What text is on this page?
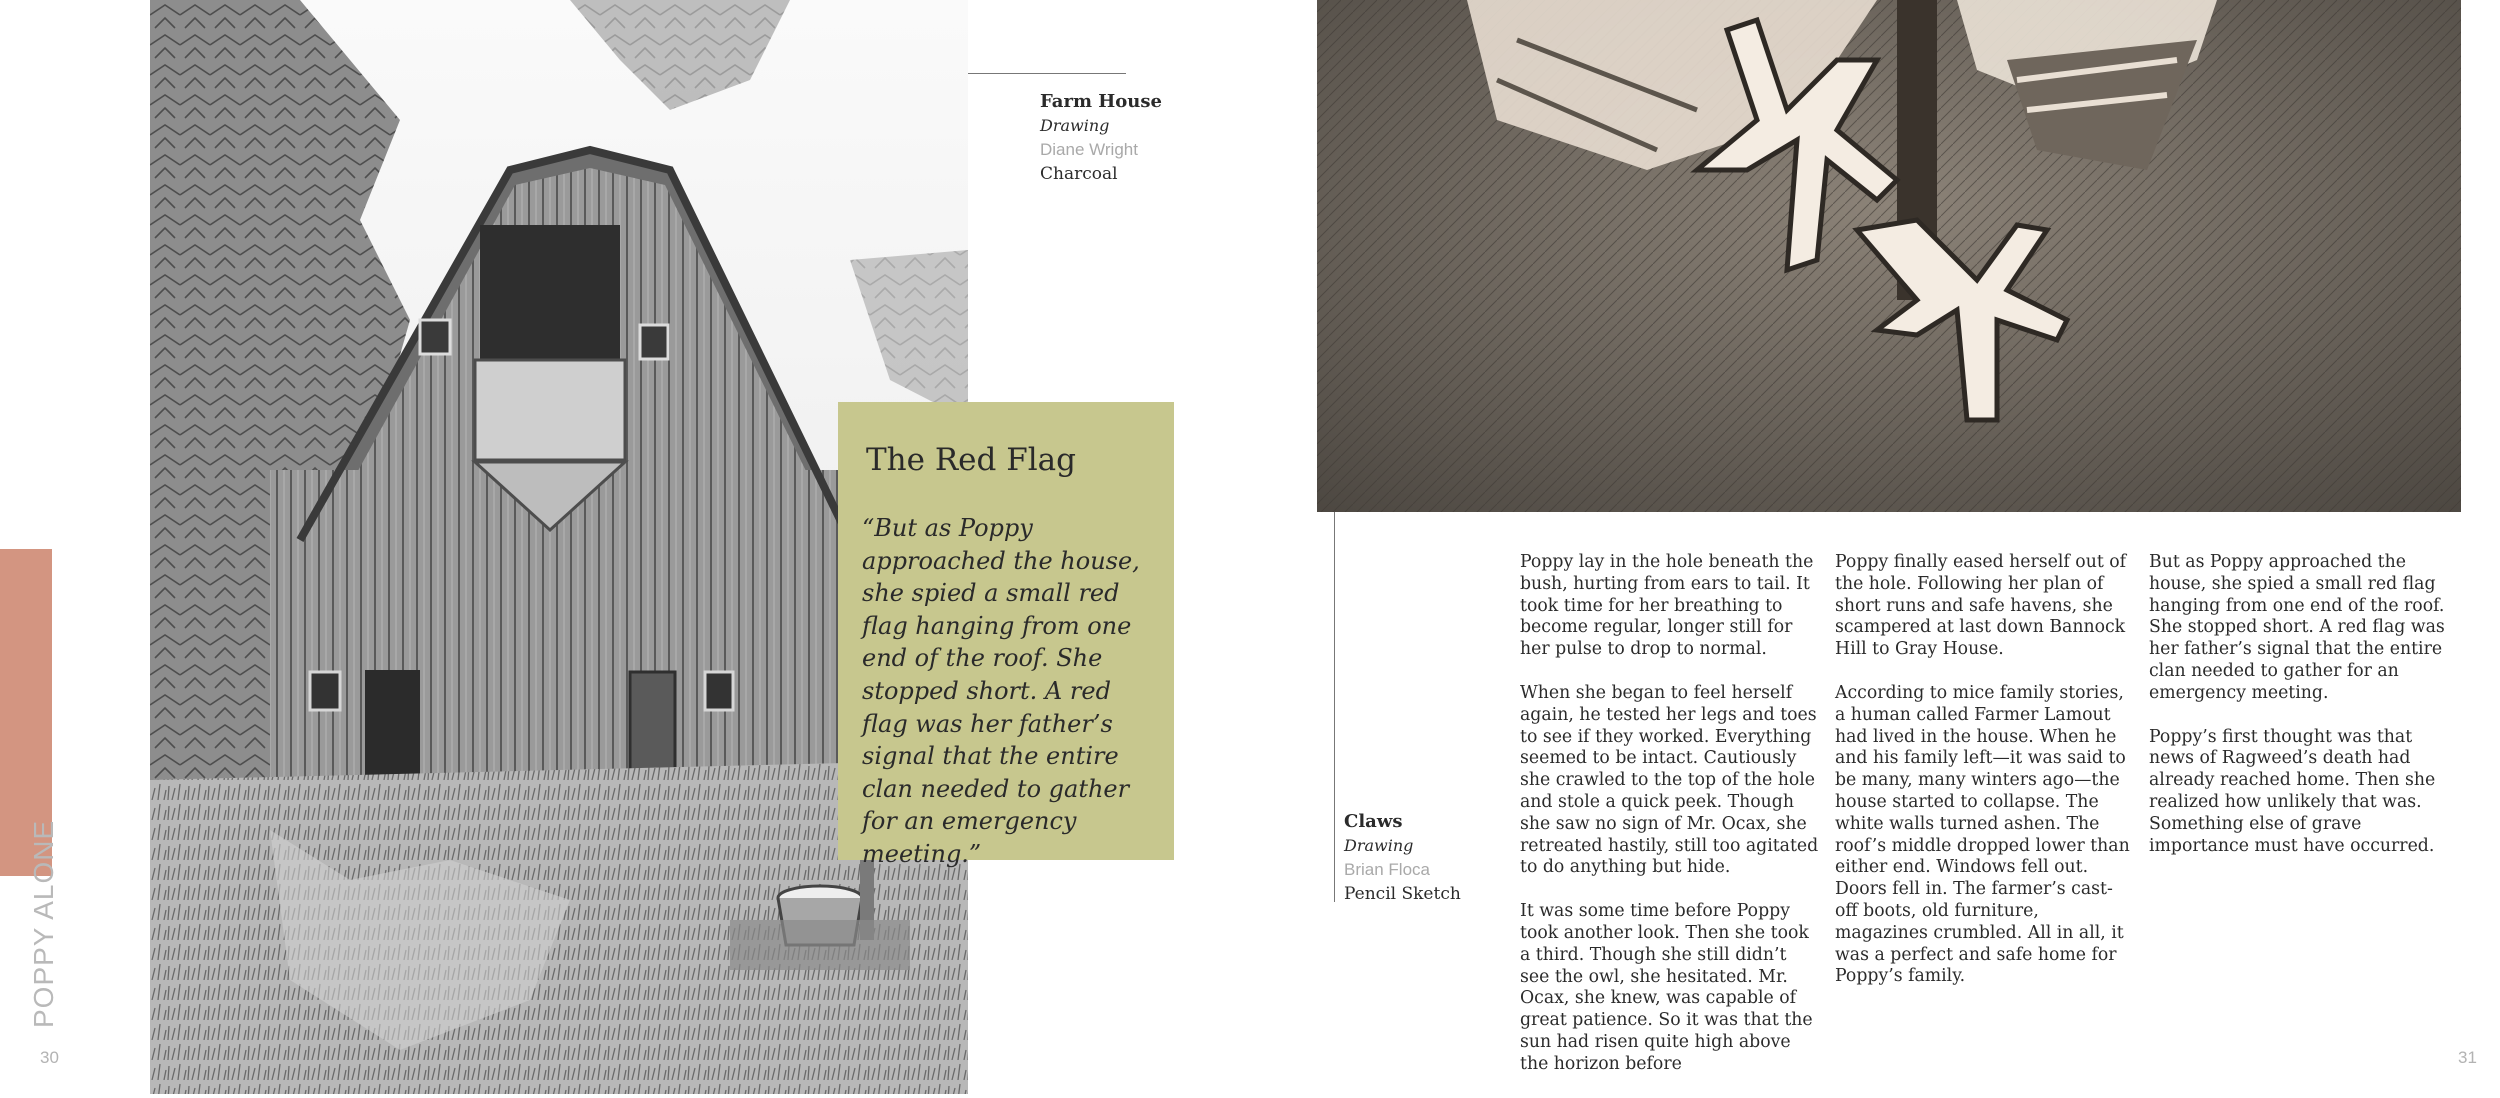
POPPY ALONE
30	31
Farm House
Drawing
Diane Wright
Charcoal
Claws
Drawing
Brian Floca
Pencil Sketch
The Red Flag
“But as Poppy approached the house, she spied a small red flag hanging from one end of the roof. She stopped short. A red flag was her father’s signal that the entire clan needed to gather for an emergency meeting.”

Poppy lay in the hole beneath the bush, hurting from ears to tail. It took time for her breathing to become regular, longer still for her pulse to drop to normal.

When she began to feel herself again, he tested her legs and toes to see if they worked. Everything seemed to be intact. Cautiously she crawled to the top of the hole and stole a quick peek. Though she saw no sign of Mr. Ocax, she retreated hastily, still too agitated to do anything but hide.

It was some time before Poppy took another look. Then she took a third. Though she still didn’t see the owl, she hesitated. Mr. Ocax, she knew, was capable of great patience. So it was that the sun had risen quite high above the horizon before

Poppy finally eased herself out of the hole. Following her plan of short runs and safe havens, she scampered at last down Bannock Hill to Gray House.

According to mice family stories, a human called Farmer Lamout had lived in the house. When he and his family left—it was said to be many, many winters ago—the house started to collapse. The white walls turned ashen. The roof’s middle dropped lower than either end. Windows fell out. Doors fell in. The farmer’s cast-off boots, old furniture, magazines crumbled. All in all, it was a perfect and safe home for Poppy’s family.

But as Poppy approached the house, she spied a small red flag hanging from one end of the roof. She stopped short. A red flag was her father’s signal that the entire clan needed to gather for an emergency meeting.

Poppy’s first thought was that news of Ragweed’s death had already reached home. Then she realized how unlikely that was. Something else of grave importance must have occurred.
